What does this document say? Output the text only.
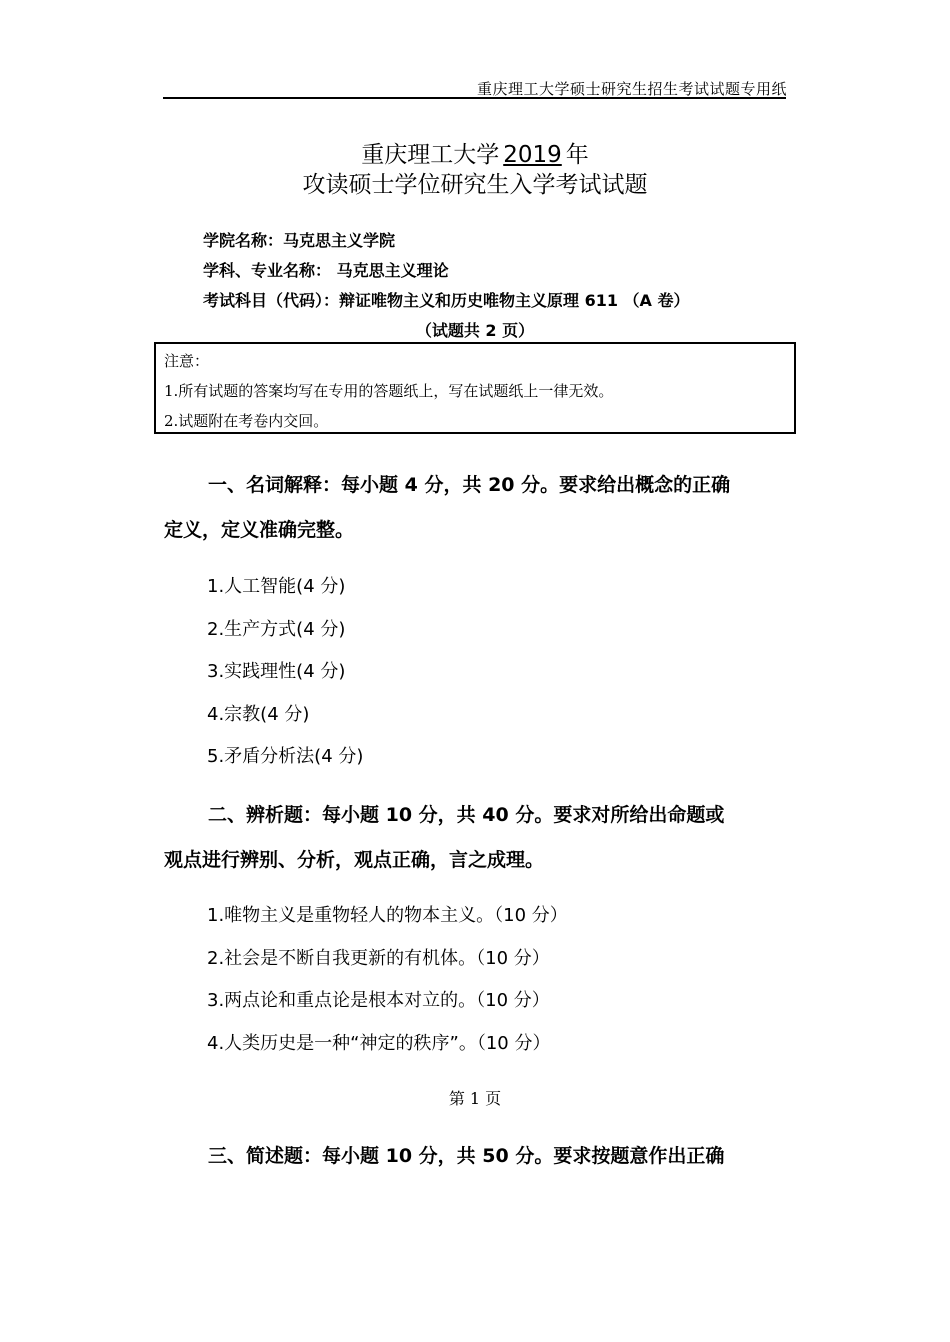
重庆理工大学硕士研究生招生考试试题专用纸
重庆理工大学 2019 年
攻读硕士学位研究生入学考试试题
学院名称：马克思主义学院
学科、专业名称： 马克思主义理论
考试科目（代码）：辩证唯物主义和历史唯物主义原理 611 （A 卷）
（试题共 2 页）
注意：
1.所有试题的答案均写在专用的答题纸上，写在试题纸上一律无效。
2.试题附在考卷内交回。
一、名词解释：每小题 4 分，共 20 分。要求给出概念的正确
定义，定义准确完整。
1.人工智能(4 分)
2.生产方式(4 分)
3.实践理性(4 分)
4.宗教(4 分)
5.矛盾分析法(4 分)
二、辨析题：每小题 10 分，共 40 分。要求对所给出命题或
观点进行辨别、分析，观点正确，言之成理。
1.唯物主义是重物轻人的物本主义。（10 分）
2.社会是不断自我更新的有机体。（10 分）
3.两点论和重点论是根本对立的。（10 分）
4.人类历史是一种“神定的秩序”。（10 分）
第 1 页
三、简述题：每小题 10 分，共 50 分。要求按题意作出正确
